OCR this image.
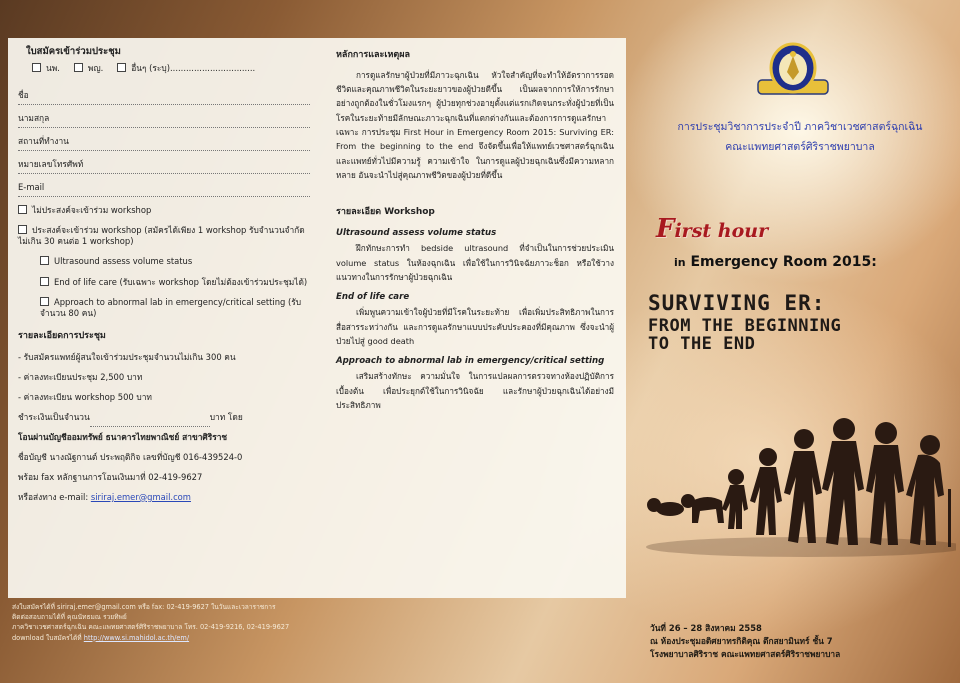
ใบสมัครเข้าร่วมประชุม
นพ.	พญ.	อื่นๆ (ระบุ)................................
ชื่อ
นามสกุล
สถานที่ทำงาน
หมายเลขโทรศัพท์
E-mail
ไม่ประสงค์จะเข้าร่วม workshop
ประสงค์จะเข้าร่วม workshop (สมัครได้เพียง 1 workshop รับจำนวนจำกัดไม่เกิน 30 คนต่อ 1 workshop)
Ultrasound assess volume status
End of life care (รับเฉพาะ workshop โดยไม่ต้องเข้าร่วมประชุมได้)
Approach to abnormal lab in emergency/critical setting (รับจำนวน 80 คน)
รายละเอียดการประชุม
- รับสมัครแพทย์ผู้สนใจเข้าร่วมประชุมจำนวนไม่เกิน 300 คน
- ค่าลงทะเบียนประชุม 2,500 บาท
- ค่าลงทะเบียน workshop 500 บาท
ชำระเงินเป็นจำนวน	บาท โดย
โอนผ่านบัญชีออมทรัพย์ ธนาคารไทยพาณิชย์ สาขาศิริราช
ชื่อบัญชี นางณัฐกานต์ ประพฤติกิจ เลขที่บัญชี 016-439524-0
พร้อม fax หลักฐานการโอนเงินมาที่ 02-419-9627
หรือส่งทาง e-mail: siriraj.emer@gmail.com
หลักการและเหตุผล

การดูแลรักษาผู้ป่วยที่มีภาวะฉุกเฉิน หัวใจสำคัญที่จะทำให้อัตราการรอดชีวิตและคุณภาพชีวิตในระยะยาวของผู้ป่วยดีขึ้น เป็นผลจากการให้การรักษาอย่างถูกต้องในชั่วโมงแรกๆ ผู้ป่วยทุกช่วงอายุตั้งแต่แรกเกิดจนกระทั่งผู้ป่วยที่เป็นโรคในระยะท้ายมีลักษณะภาวะฉุกเฉินที่แตกต่างกันและต้องการการดูแลรักษาเฉพาะ การประชุม First Hour in Emergency Room 2015: Surviving ER: From the beginning to the end จึงจัดขึ้นเพื่อให้แพทย์เวชศาสตร์ฉุกเฉิน และแพทย์ทั่วไปมีความรู้ ความเข้าใจ ในการดูแลผู้ป่วยฉุกเฉินซึ่งมีความหลากหลาย อันจะนำไปสู่คุณภาพชีวิตของผู้ป่วยที่ดีขึ้น

รายละเอียด Workshop
Ultrasound assess volume status

ฝึกทักษะการทำ bedside ultrasound ที่จำเป็นในการช่วยประเมิน volume status ในห้องฉุกเฉิน เพื่อใช้ในการวินิจฉัยภาวะช็อก หรือใช้วางแนวทางในการรักษาผู้ป่วยฉุกเฉิน

End of life care

เพิ่มพูนความเข้าใจผู้ป่วยที่มีโรคในระยะท้าย เพื่อเพิ่มประสิทธิภาพในการสื่อสารระหว่างกัน และการดูแลรักษาแบบประคับประคองที่มีคุณภาพ ซึ่งจะนำผู้ป่วยไปสู่ good death

Approach to abnormal lab in emergency/critical setting

เสริมสร้างทักษะ ความมั่นใจ ในการแปลผลการตรวจทางห้องปฏิบัติการเบื้องต้น เพื่อประยุกต์ใช้ในการวินิจฉัย และรักษาผู้ป่วยฉุกเฉินได้อย่างมีประสิทธิภาพ

ส่งใบสมัครได้ที่ siriraj.emer@gmail.com หรือ fax: 02-419-9627 ในวันและเวลาราชการ
ติดต่อสอบถามได้ที่ คุณนัทธมณ รวยทิพย์
ภาควิชาเวชศาสตร์ฉุกเฉิน คณะแพทยศาสตร์ศิริราชพยาบาล โทร. 02-419-9216, 02-419-9627
download ใบสมัครได้ที่ http://www.si.mahidol.ac.th/em/
การประชุมวิชาการประจำปี ภาควิชาเวชศาสตร์ฉุกเฉิน
คณะแพทยศาสตร์ศิริราชพยาบาล
First hour
in Emergency Room 2015:
SURVIVING ER:
FROM THE BEGINNING
TO THE END
วันที่ 26 – 28 สิงหาคม 2558
ณ ห้องประชุมอดิศยาทรกิติคุณ ตึกสยามินทร์ ชั้น 7
โรงพยาบาลศิริราช คณะแพทยศาสตร์ศิริราชพยาบาล
